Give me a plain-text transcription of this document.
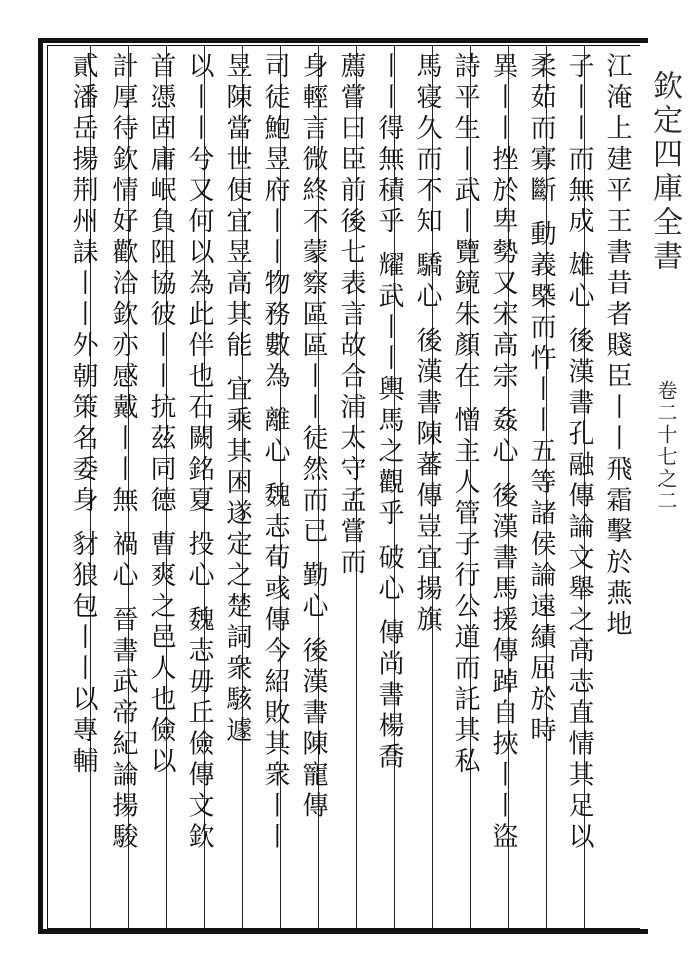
欽定四庫全書
卷二十七之二
江淹上建平王書昔者賤臣丨丨飛霜擊於燕地
子丨丨而無成 雄心 後漢書孔融傳論文舉之高志直情其足以
柔茹而寡斷 動義槩而忤丨丨五等諸侯論遠績屈於時
異丨丨挫於卑勢又宋高宗 姦心 後漢書馬援傳踔自挾丨丨盜
詩平生丨武丨覽鏡朱顏在 憎主人管子行公道而託其私
馬寝久而不知 驕心 後漢書陳蕃傳豈宜揚旗
丨丨得無積乎 耀武丨丨輿馬之觀乎 破心 傳尚書楊喬
薦嘗曰臣前後七表言故合浦太守孟嘗而
身輕言微終不蒙察區區丨丨徒然而已 勤心 後漢書陳寵傳
司徒鮑昱府丨丨物務數為 離心 魏志荀彧傳今紹敗其衆丨丨
昱陳當世便宜昱高其能 宜乘其困遂定之楚詞衆駭遽
以丨丨兮又何以為此伴也石闕銘夏 投心 魏志毋丘儉傳文欽
首憑固庸岷負阻協彼丨丨抗茲同德 曹爽之邑人也儉以
計厚待欽情好歡洽欽亦感戴丨丨無 禍心 晉書武帝紀論揚駿
貳潘岳揚荆州誄丨丨外朝策名委身 豺狼包丨丨以專輔
